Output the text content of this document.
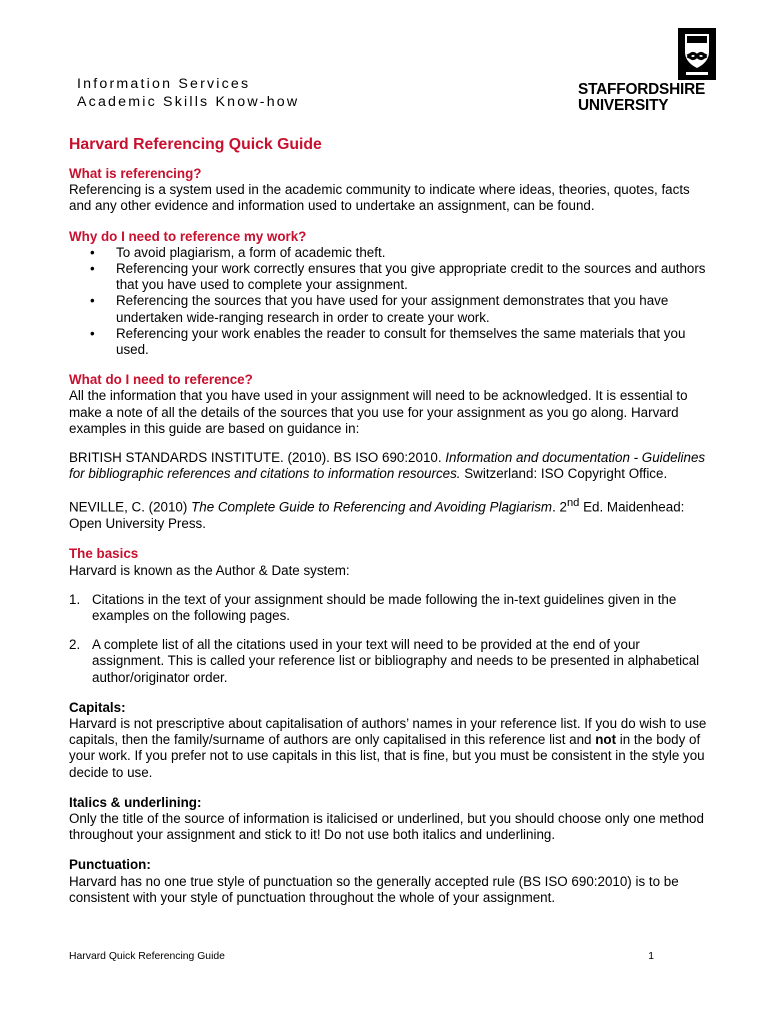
Information Services
Academic Skills Know-how
STAFFORDSHIRE
UNIVERSITY
Harvard Referencing Quick Guide
What is referencing?

Referencing is a system used in the academic community to indicate where ideas, theories, quotes, facts and any other evidence and information used to undertake an assignment, can be found.

Why do I need to reference my work?
• To avoid plagiarism, a form of academic theft.
• Referencing your work correctly ensures that you give appropriate credit to the sources and authors that you have used to complete your assignment.
• Referencing the sources that you have used for your assignment demonstrates that you have undertaken wide-ranging research in order to create your work.
• Referencing your work enables the reader to consult for themselves the same materials that you used.
What do I need to reference?

All the information that you have used in your assignment will need to be acknowledged. It is essential to make a note of all the details of the sources that you use for your assignment as you go along. Harvard examples in this guide are based on guidance in:

BRITISH STANDARDS INSTITUTE. (2010). BS ISO 690:2010. Information and documentation - Guidelines for bibliographic references and citations to information resources. Switzerland: ISO Copyright Office.

NEVILLE, C. (2010) The Complete Guide to Referencing and Avoiding Plagiarism. 2nd Ed. Maidenhead: Open University Press.

The basics

Harvard is known as the Author & Date system:

1. Citations in the text of your assignment should be made following the in-text guidelines given in the examples on the following pages.
2. A complete list of all the citations used in your text will need to be provided at the end of your assignment. This is called your reference list or bibliography and needs to be presented in alphabetical author/originator order.
Capitals:

Harvard is not prescriptive about capitalisation of authors’ names in your reference list. If you do wish to use capitals, then the family/surname of authors are only capitalised in this reference list and not in the body of your work. If you prefer not to use capitals in this list, that is fine, but you must be consistent in the style you decide to use.

Italics & underlining:

Only the title of the source of information is italicised or underlined, but you should choose only one method throughout your assignment and stick to it! Do not use both italics and underlining.

Punctuation:

Harvard has no one true style of punctuation so the generally accepted rule (BS ISO 690:2010) is to be consistent with your style of punctuation throughout the whole of your assignment.

Harvard Quick Referencing Guide	1
